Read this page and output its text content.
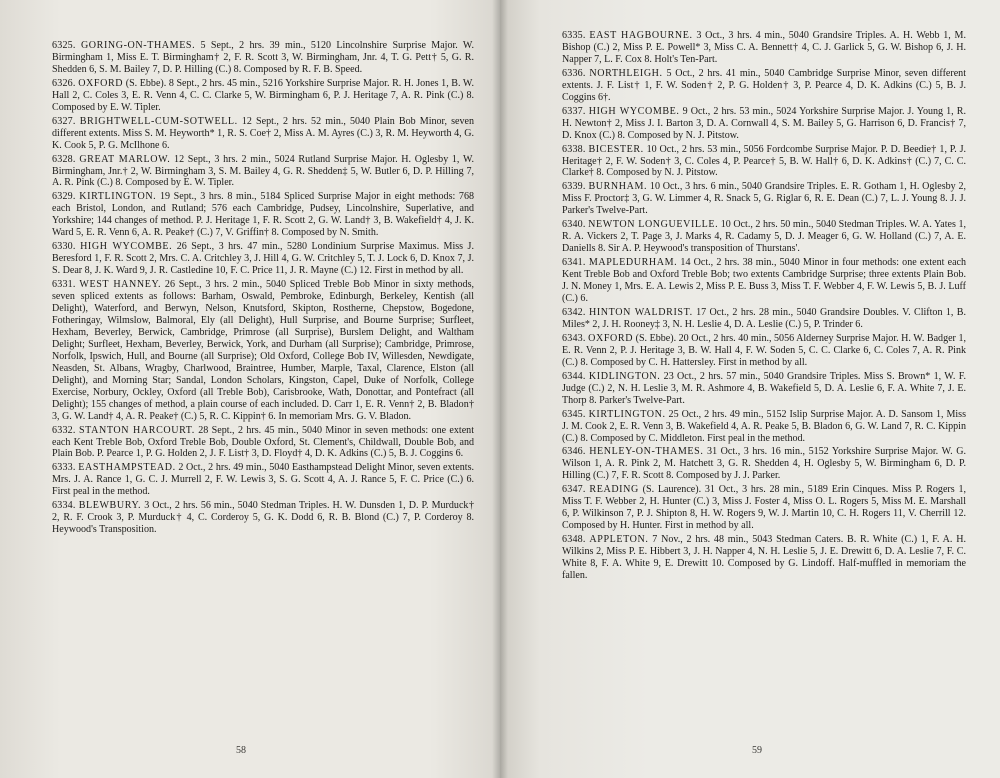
6325. GORING-ON-THAMES. 5 Sept., 2 hrs. 39 min., 5120 Lincolnshire Surprise Major. W. Birmingham 1, Miss E. T. Birmingham† 2, F. R. Scott 3, W. Birmingham, Jnr. 4, T. G. Pett† 5, G. R. Shedden 6, S. M. Bailey 7, D. P. Hilling (C.) 8. Composed by R. F. B. Speed.

6326. OXFORD (S. Ebbe). 8 Sept., 2 hrs. 45 min., 5216 Yorkshire Surprise Major. R. H. Jones 1, B. W. Hall 2, C. Coles 3, E. R. Venn 4, C. C. Clarke 5, W. Birmingham 6, P. J. Heritage 7, A. R. Pink (C.) 8. Composed by E. W. Tipler.

6327. BRIGHTWELL-CUM-SOTWELL. 12 Sept., 2 hrs. 52 min., 5040 Plain Bob Minor, seven different extents. Miss S. M. Heyworth* 1, R. S. Coe† 2, Miss A. M. Ayres (C.) 3, R. M. Heyworth 4, G. K. Cook 5, P. G. McIlhone 6.

6328. GREAT MARLOW. 12 Sept., 3 hrs. 2 min., 5024 Rutland Surprise Major. H. Oglesby 1, W. Birmingham, Jnr.† 2, W. Birmingham 3, S. M. Bailey 4, G. R. Shedden‡ 5, W. Butler 6, D. P. Hilling 7, A. R. Pink (C.) 8. Composed by E. W. Tipler.

6329. KIRTLINGTON. 19 Sept., 3 hrs. 8 min., 5184 Spliced Surprise Major in eight methods: 768 each Bristol, London, and Rutland; 576 each Cambridge, Pudsey, Lincolnshire, Superlative, and Yorkshire; 144 changes of method. P. J. Heritage 1, F. R. Scott 2, G. W. Land† 3, B. Wakefield† 4, J. K. Ward 5, E. R. Venn 6, A. R. Peake† (C.) 7, V. Griffin† 8. Composed by N. Smith.

6330. HIGH WYCOMBE. 26 Sept., 3 hrs. 47 min., 5280 Londinium Surprise Maximus. Miss J. Beresford 1, F. R. Scott 2, Mrs. C. A. Critchley 3, J. Hill 4, G. W. Critchley 5, T. J. Lock 6, D. Knox 7, J. S. Dear 8, J. K. Ward 9, J. R. Castledine 10, F. C. Price 11, J. R. Mayne (C.) 12. First in method by all.

6331. WEST HANNEY. 26 Sept., 3 hrs. 2 min., 5040 Spliced Treble Bob Minor in sixty methods, seven spliced extents as follows: Barham, Oswald, Pembroke, Edinburgh, Berkeley, Kentish (all Delight), Waterford, and Berwyn, Nelson, Knutsford, Skipton, Rostherne, Chepstow, Bogedone, Fotheringay, Wilmslow, Balmoral, Ely (all Delight), Hull Surprise, and Bourne Surprise; Surfleet, Hexham, Beverley, Berwick, Cambridge, Primrose (all Surprise), Burslem Delight, and Waltham Delight; Surfleet, Hexham, Beverley, Berwick, York, and Durham (all Surprise); Cambridge, Primrose, Norfolk, Ipswich, Hull, and Bourne (all Surprise); Old Oxford, College Bob IV, Willesden, Newdigate, Neasden, St. Albans, Wragby, Charlwood, Braintree, Humber, Marple, Taxal, Clarence, Elston (all Delight), and Morning Star; Sandal, London Scholars, Kingston, Capel, Duke of Norfolk, College Exercise, Norbury, Ockley, Oxford (all Treble Bob), Carisbrooke, Wath, Donottar, and Pontefract (all Delight); 155 changes of method, a plain course of each included. D. Carr 1, E. R. Venn† 2, B. Bladon† 3, G. W. Land† 4, A. R. Peake† (C.) 5, R. C. Kippin† 6. In memoriam Mrs. G. V. Bladon.

6332. STANTON HARCOURT. 28 Sept., 2 hrs. 45 min., 5040 Minor in seven methods: one extent each Kent Treble Bob, Oxford Treble Bob, Double Oxford, St. Clement's, Childwall, Double Bob, and Plain Bob. P. Pearce 1, P. G. Holden 2, J. F. List† 3, D. Floyd† 4, D. K. Adkins (C.) 5, B. J. Coggins 6.

6333. EASTHAMPSTEAD. 2 Oct., 2 hrs. 49 min., 5040 Easthampstead Delight Minor, seven extents. Mrs. J. A. Rance 1, G. C. J. Murrell 2, F. W. Lewis 3, S. G. Scott 4, A. J. Rance 5, F. C. Price (C.) 6. First peal in the method.

6334. BLEWBURY. 3 Oct., 2 hrs. 56 min., 5040 Stedman Triples. H. W. Dunsden 1, D. P. Murduck† 2, R. F. Crook 3, P. Murduck† 4, C. Corderoy 5, G. K. Dodd 6, R. B. Blond (C.) 7, P. Corderoy 8. Heywood's Transposition.

58

6335. EAST HAGBOURNE. 3 Oct., 3 hrs. 4 min., 5040 Grandsire Triples. A. H. Webb 1, M. Bishop (C.) 2, Miss P. E. Powell* 3, Miss C. A. Bennett† 4, C. J. Garlick 5, G. W. Bishop 6, J. H. Napper 7, L. F. Cox 8. Holt's Ten-Part.

6336. NORTHLEIGH. 5 Oct., 2 hrs. 41 min., 5040 Cambridge Surprise Minor, seven different extents. J. F. List† 1, F. W. Soden† 2, P. G. Holden† 3, P. Pearce 4, D. K. Adkins (C.) 5, B. J. Coggins 6†.

6337. HIGH WYCOMBE. 9 Oct., 2 hrs. 53 min., 5024 Yorkshire Surprise Major. J. Young 1, R. H. Newton† 2, Miss J. I. Barton 3, D. A. Cornwall 4, S. M. Bailey 5, G. Harrison 6, D. Francis† 7, D. Knox (C.) 8. Composed by N. J. Pitstow.

6338. BICESTER. 10 Oct., 2 hrs. 53 min., 5056 Fordcombe Surprise Major. P. D. Beedie† 1, P. J. Heritage† 2, F. W. Soden† 3, C. Coles 4, P. Pearce† 5, B. W. Hall† 6, D. K. Adkins† (C.) 7, C. C. Clarke† 8. Composed by N. J. Pitstow.

6339. BURNHAM. 10 Oct., 3 hrs. 6 min., 5040 Grandsire Triples. E. R. Gotham 1, H. Oglesby 2, Miss F. Proctor‡ 3, G. W. Limmer 4, R. Snack 5, G. Riglar 6, R. E. Dean (C.) 7, L. J. Young 8. J. J. Parker's Twelve-Part.

6340. NEWTON LONGUEVILLE. 10 Oct., 2 hrs. 50 min., 5040 Stedman Triples. W. A. Yates 1, R. A. Vickers 2, T. Page 3, J. Marks 4, R. Cadamy 5, D. J. Meager 6, G. W. Holland (C.) 7, A. E. Daniells 8. Sir A. P. Heywood's transposition of Thurstans'.

6341. MAPLEDURHAM. 14 Oct., 2 hrs. 38 min., 5040 Minor in four methods: one extent each Kent Treble Bob and Oxford Treble Bob; two extents Cambridge Surprise; three extents Plain Bob. J. N. Money 1, Mrs. E. A. Lewis 2, Miss P. E. Buss 3, Miss T. F. Webber 4, F. W. Lewis 5, B. J. Luff (C.) 6.

6342. HINTON WALDRIST. 17 Oct., 2 hrs. 28 min., 5040 Grandsire Doubles. V. Clifton 1, B. Miles* 2, J. H. Rooney‡ 3, N. H. Leslie 4, D. A. Leslie (C.) 5, P. Trinder 6.

6343. OXFORD (S. Ebbe). 20 Oct., 2 hrs. 40 min., 5056 Alderney Surprise Major. H. W. Badger 1, E. R. Venn 2, P. J. Heritage 3, B. W. Hall 4, F. W. Soden 5, C. C. Clarke 6, C. Coles 7, A. R. Pink (C.) 8. Composed by C. H. Hattersley. First in method by all.

6344. KIDLINGTON. 23 Oct., 2 hrs. 57 min., 5040 Grandsire Triples. Miss S. Brown* 1, W. F. Judge (C.) 2, N. H. Leslie 3, M. R. Ashmore 4, B. Wakefield 5, D. A. Leslie 6, F. A. White 7, J. E. Thorp 8. Parker's Twelve-Part.

6345. KIRTLINGTON. 25 Oct., 2 hrs. 49 min., 5152 Islip Surprise Major. A. D. Sansom 1, Miss J. M. Cook 2, E. R. Venn 3, B. Wakefield 4, A. R. Peake 5, B. Bladon 6, G. W. Land 7, R. C. Kippin (C.) 8. Composed by C. Middleton. First peal in the method.

6346. HENLEY-ON-THAMES. 31 Oct., 3 hrs. 16 min., 5152 Yorkshire Surprise Major. W. G. Wilson 1, A. R. Pink 2, M. Hatchett 3, G. R. Shedden 4, H. Oglesby 5, W. Birmingham 6, D. P. Hilling (C.) 7, F. R. Scott 8. Composed by J. J. Parker.

6347. READING (S. Laurence). 31 Oct., 3 hrs. 28 min., 5189 Erin Cinques. Miss P. Rogers 1, Miss T. F. Webber 2, H. Hunter (C.) 3, Miss J. Foster 4, Miss O. L. Rogers 5, Miss M. E. Marshall 6, P. Wilkinson 7, P. J. Shipton 8, H. W. Rogers 9, W. J. Martin 10, C. H. Rogers 11, V. Cherrill 12. Composed by H. Hunter. First in method by all.

6348. APPLETON. 7 Nov., 2 hrs. 48 min., 5043 Stedman Caters. B. R. White (C.) 1, F. A. H. Wilkins 2, Miss P. E. Hibbert 3, J. H. Napper 4, N. H. Leslie 5, J. E. Drewitt 6, D. A. Leslie 7, F. C. White 8, F. A. White 9, E. Drewitt 10. Composed by G. Lindoff. Half-muffled in memoriam the fallen.

59
